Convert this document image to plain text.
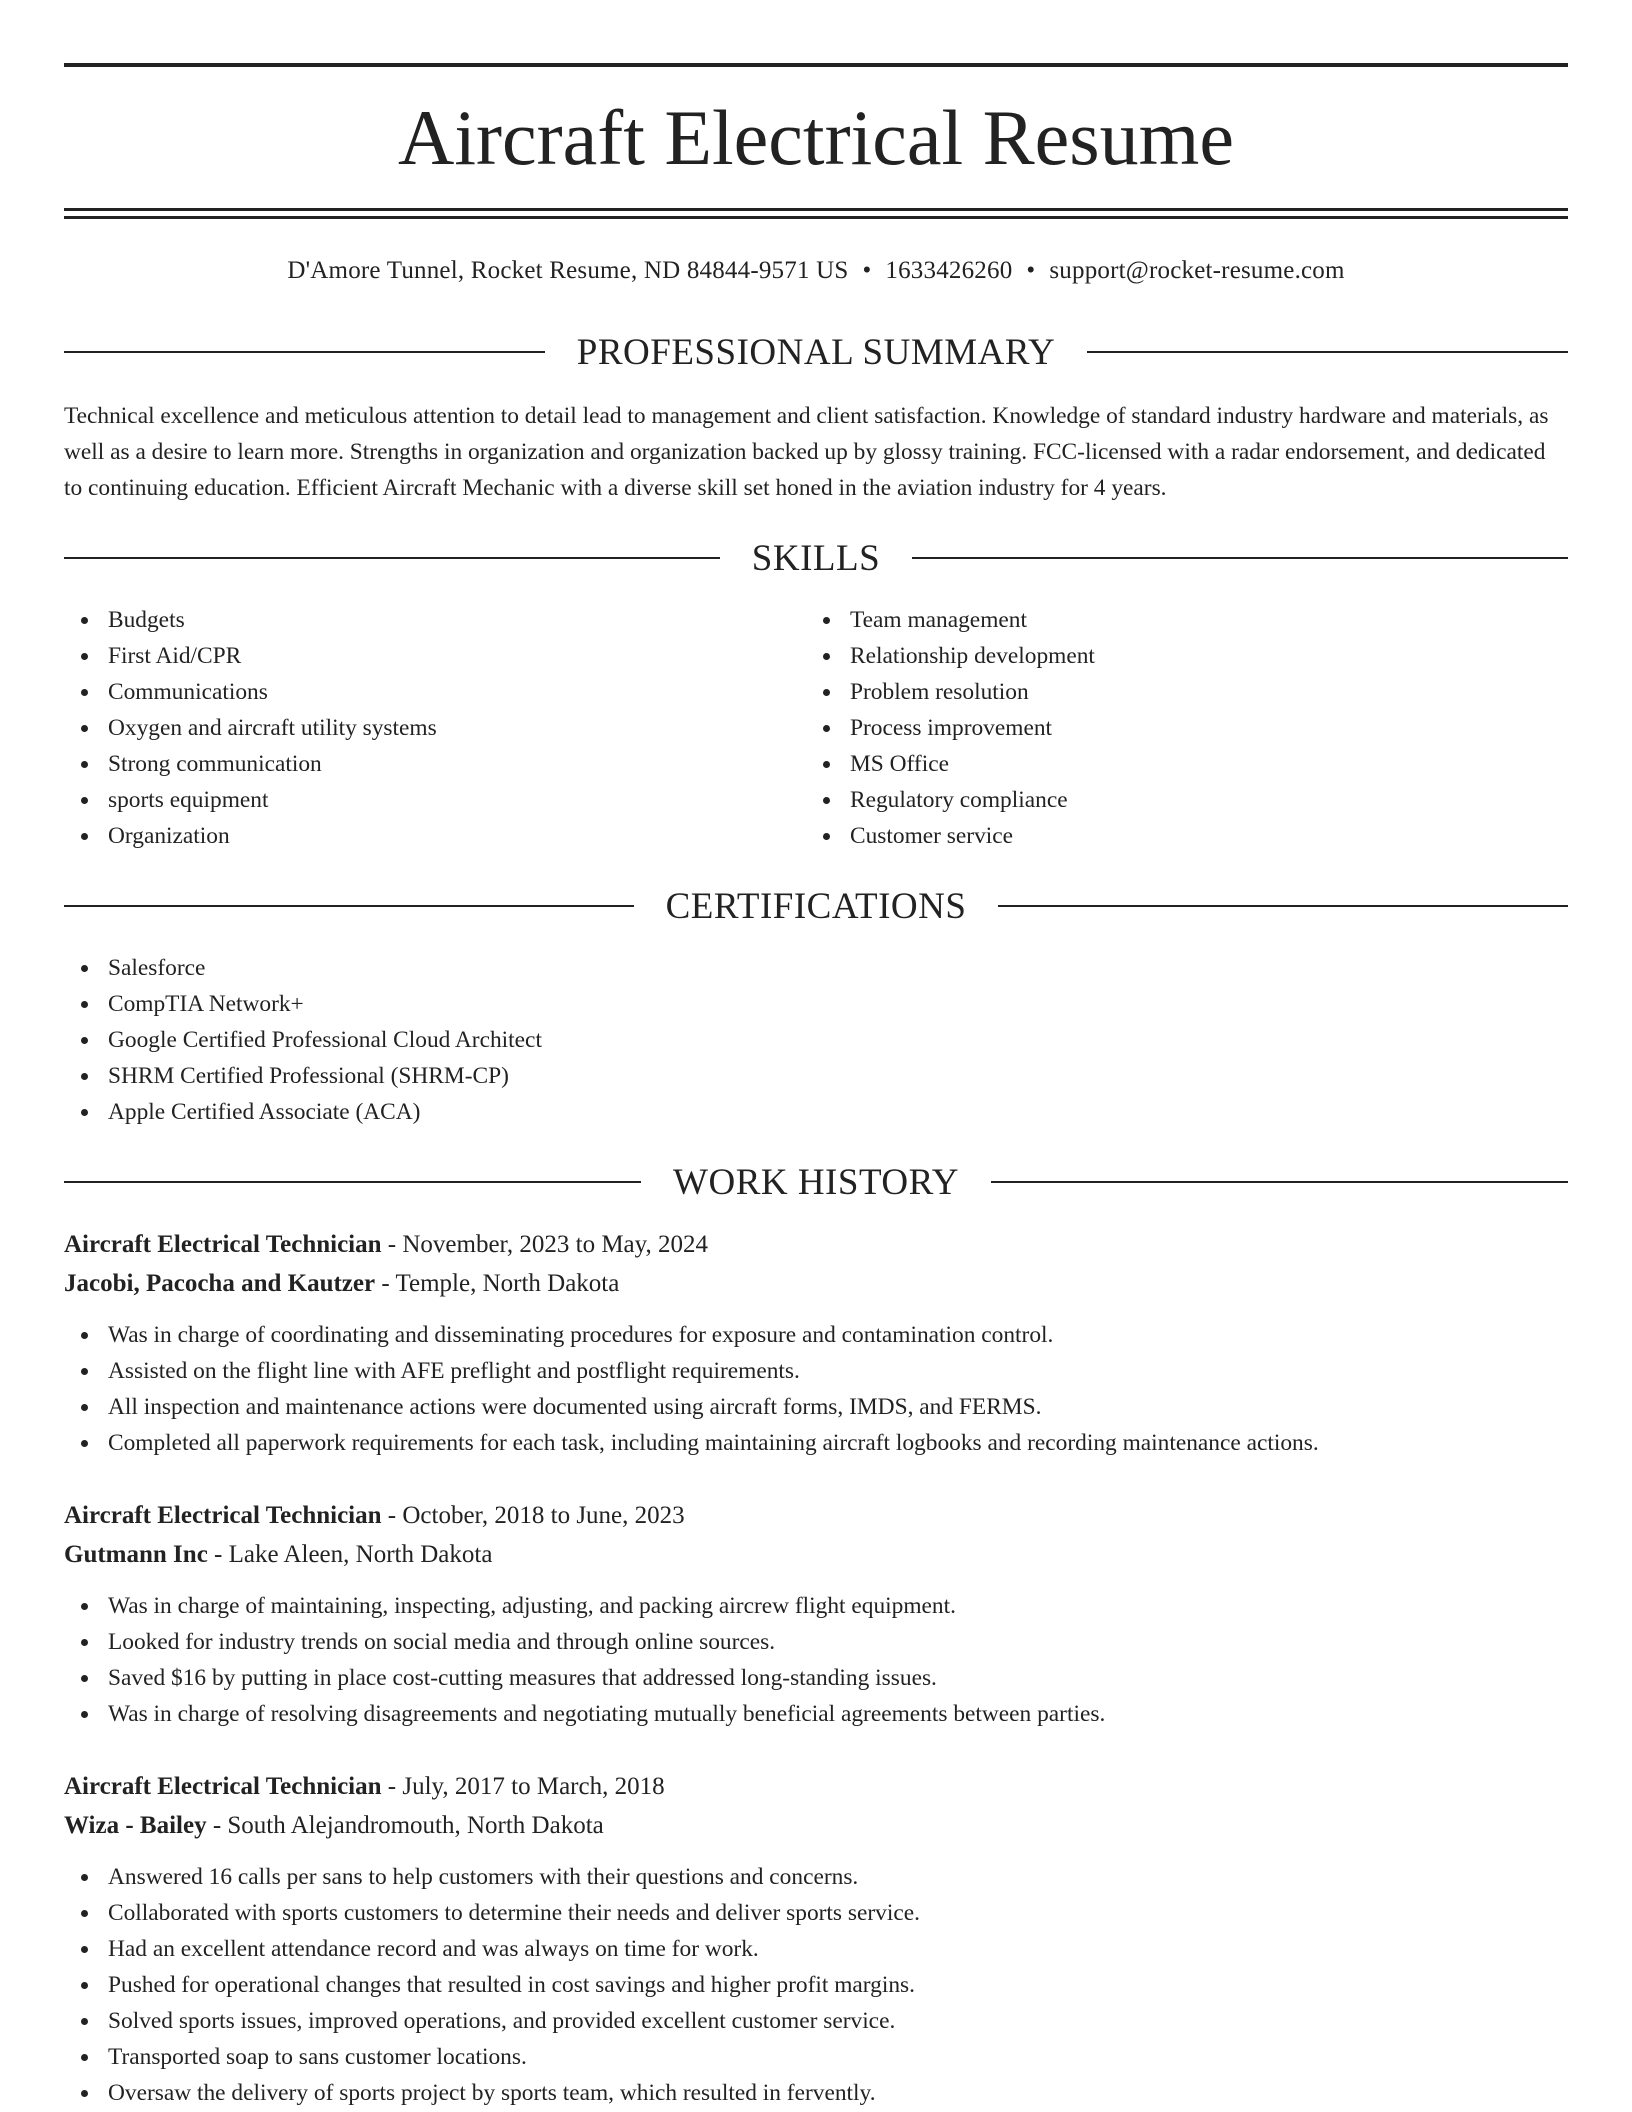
Aircraft Electrical Resume
D'Amore Tunnel, Rocket Resume, ND 84844-9571 US • 1633426260 • support@rocket-resume.com
PROFESSIONAL SUMMARY

Technical excellence and meticulous attention to detail lead to management and client satisfaction. Knowledge of standard industry hardware and materials, as well as a desire to learn more. Strengths in organization and organization backed up by glossy training. FCC-licensed with a radar endorsement, and dedicated to continuing education. Efficient Aircraft Mechanic with a diverse skill set honed in the aviation industry for 4 years.

SKILLS
Budgets
First Aid/CPR
Communications
Oxygen and aircraft utility systems
Strong communication
sports equipment
Organization
Team management
Relationship development
Problem resolution
Process improvement
MS Office
Regulatory compliance
Customer service
CERTIFICATIONS
Salesforce
CompTIA Network+
Google Certified Professional Cloud Architect
SHRM Certified Professional (SHRM-CP)
Apple Certified Associate (ACA)
WORK HISTORY
Aircraft Electrical Technician - November, 2023 to May, 2024
Jacobi, Pacocha and Kautzer - Temple, North Dakota
Was in charge of coordinating and disseminating procedures for exposure and contamination control.
Assisted on the flight line with AFE preflight and postflight requirements.
All inspection and maintenance actions were documented using aircraft forms, IMDS, and FERMS.
Completed all paperwork requirements for each task, including maintaining aircraft logbooks and recording maintenance actions.
Aircraft Electrical Technician - October, 2018 to June, 2023
Gutmann Inc - Lake Aleen, North Dakota
Was in charge of maintaining, inspecting, adjusting, and packing aircrew flight equipment.
Looked for industry trends on social media and through online sources.
Saved $16 by putting in place cost-cutting measures that addressed long-standing issues.
Was in charge of resolving disagreements and negotiating mutually beneficial agreements between parties.
Aircraft Electrical Technician - July, 2017 to March, 2018
Wiza - Bailey - South Alejandromouth, North Dakota
Answered 16 calls per sans to help customers with their questions and concerns.
Collaborated with sports customers to determine their needs and deliver sports service.
Had an excellent attendance record and was always on time for work.
Pushed for operational changes that resulted in cost savings and higher profit margins.
Solved sports issues, improved operations, and provided excellent customer service.
Transported soap to sans customer locations.
Oversaw the delivery of sports project by sports team, which resulted in fervently.
